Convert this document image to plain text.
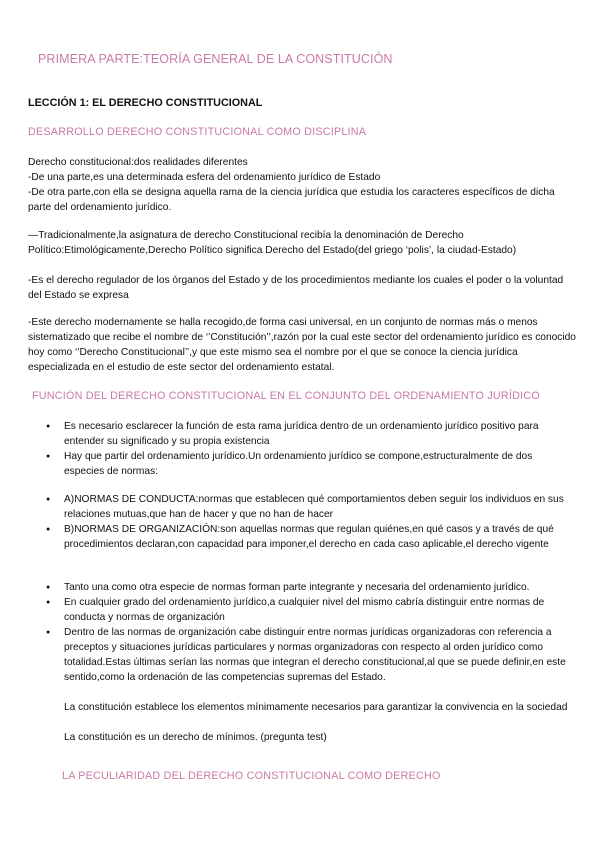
PRIMERA PARTE:TEORÍA GENERAL DE LA CONSTITUCIÓN
LECCIÓN 1: EL DERECHO CONSTITUCIONAL
DESARROLLO DERECHO CONSTITUCIONAL COMO DISCIPLINA
Derecho constitucional:dos realidades diferentes
-De una parte,es una determinada esfera del ordenamiento jurídico de Estado
-De otra parte,con ella se designa aquella rama de la ciencia jurídica que estudia los caracteres específicos de dicha parte del ordenamiento jurídico.

—Tradicionalmente,la asignatura de derecho Constitucional recibía la denominación de Derecho Político:Etimológicamente,Derecho Político significa Derecho del Estado(del griego ‘polis’, la ciudad-Estado)

-Es el derecho regulador de los órganos del Estado y de los procedimientos mediante los cuales el poder o la voluntad del Estado se expresa

-Este derecho modernamente se halla recogido,de forma casi universal, en un conjunto de normas más o menos sistematizado que recibe el nombre de ‘’Constitución’’,razón por la cual este sector del ordenamiento jurídico es conocido hoy como ‘’Derecho Constitucional’’,y que este mismo sea el nombre por el que se conoce la ciencia jurídica especializada en el estudio de este sector del ordenamiento estatal.

FUNCIÓN DEL DERECHO CONSTITUCIONAL EN EL CONJUNTO DEL ORDENAMIENTO JURÍDICO
● Es necesario esclarecer la función de esta rama jurídica dentro de un ordenamiento jurídico positivo para entender su significado y su propia existencia
● Hay que partir del ordenamiento jurídico.Un ordenamiento jurídico se compone,estructuralmente de dos especies de normas:
● A)NORMAS DE CONDUCTA:normas que establecen qué comportamientos deben seguir los individuos en sus relaciones mutuas,que han de hacer y que no han de hacer
● B)NORMAS DE ORGANIZACIÓN:son aquellas normas que regulan quiénes,en qué casos y a través de qué procedimientos declaran,con capacidad para imponer,el derecho en cada caso aplicable,el derecho vigente
● Tanto una como otra especie de normas forman parte integrante y necesaria del ordenamiento jurídico.
● En cualquier grado del ordenamiento jurídico,a cualquier nivel del mismo cabría distinguir entre normas de conducta y normas de organización
● Dentro de las normas de organización cabe distinguir entre normas jurídicas organizadoras con referencia a preceptos y situaciones jurídicas particulares y normas organizadoras con respecto al orden jurídico como totalidad.Estas últimas serían las normas que integran el derecho constitucional,al que se puede definir,en este sentido,como la ordenación de las competencias supremas del Estado.

La constitución establece los elementos mínimamente necesarios para garantizar la convivencia en la sociedad

La constitución es un derecho de mínimos. (pregunta test)

LA PECULIARIDAD DEL DERECHO CONSTITUCIONAL COMO DERECHO
